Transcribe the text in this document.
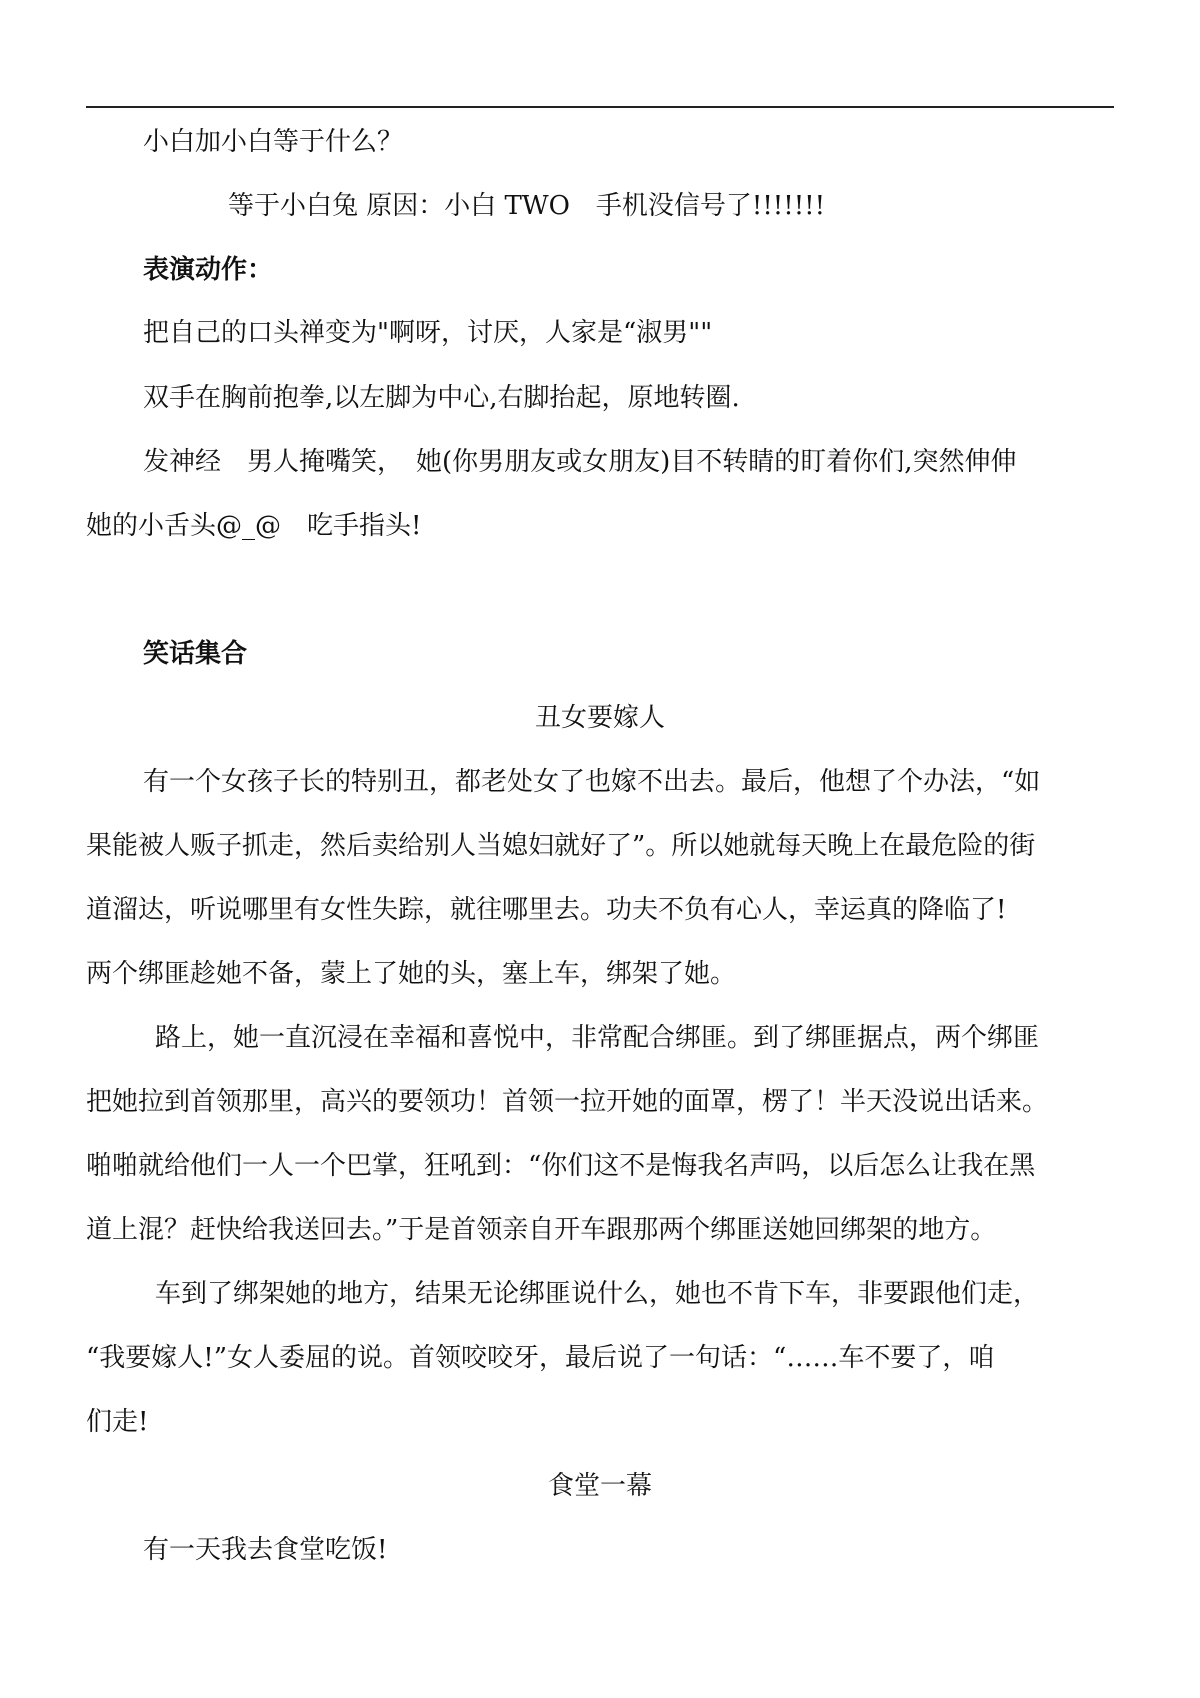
小白加小白等于什么？
等于小白兔 原因：小白 TWO　手机没信号了!!!!!!!
表演动作：
把自己的口头禅变为"啊呀，讨厌，人家是“淑男""
双手在胸前抱拳,以左脚为中心,右脚抬起，原地转圈.
发神经　男人掩嘴笑，　她(你男朋友或女朋友)目不转睛的盯着你们,突然伸伸
她的小舌头@_@　吃手指头!
笑话集合
丑女要嫁人
有一个女孩子长的特别丑，都老处女了也嫁不出去。最后，他想了个办法，“如
果能被人贩子抓走，然后卖给别人当媳妇就好了”。所以她就每天晚上在最危险的街
道溜达，听说哪里有女性失踪，就往哪里去。功夫不负有心人，幸运真的降临了!
两个绑匪趁她不备，蒙上了她的头，塞上车，绑架了她。
路上，她一直沉浸在幸福和喜悦中，非常配合绑匪。到了绑匪据点，两个绑匪
把她拉到首领那里，高兴的要领功！首领一拉开她的面罩，楞了！半天没说出话来。
啪啪就给他们一人一个巴掌，狂吼到：“你们这不是悔我名声吗，以后怎么让我在黑
道上混？赶快给我送回去。”于是首领亲自开车跟那两个绑匪送她回绑架的地方。
车到了绑架她的地方，结果无论绑匪说什么，她也不肯下车，非要跟他们走，
“我要嫁人!”女人委屈的说。首领咬咬牙，最后说了一句话：“……车不要了，咱
们走!
食堂一幕
有一天我去食堂吃饭!
